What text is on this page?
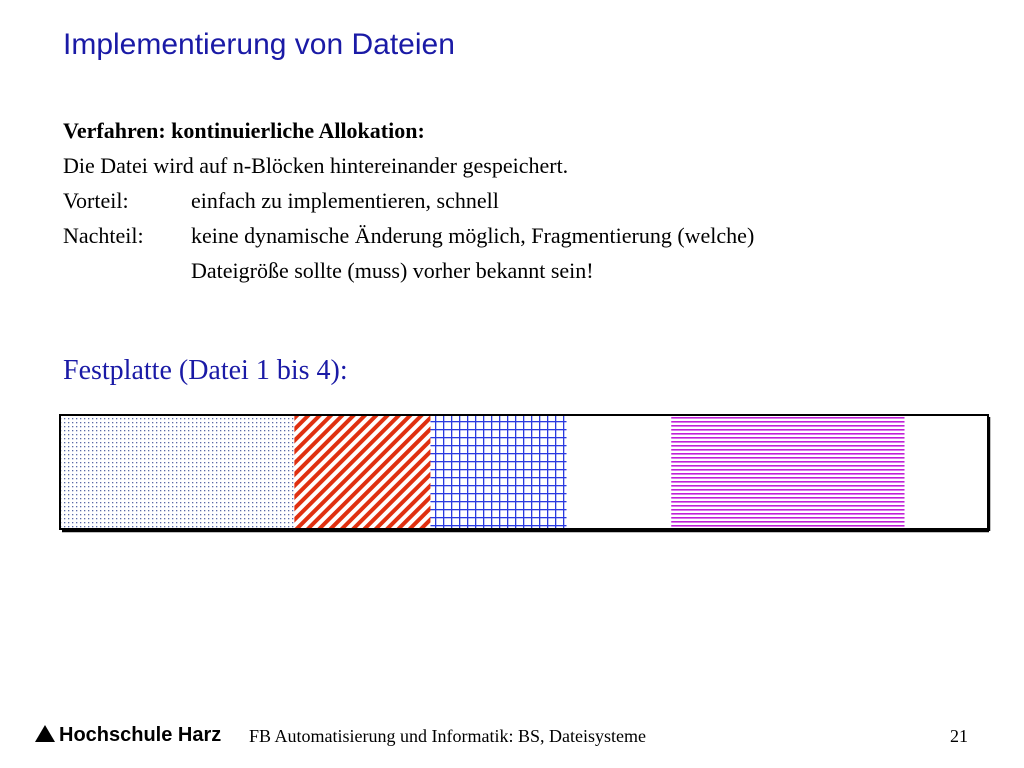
Implementierung von Dateien
Verfahren: kontinuierliche Allokation:
Die Datei wird auf n-Blöcken hintereinander gespeichert.
Vorteil:	einfach zu implementieren, schnell
Nachteil: keine dynamische Änderung möglich, Fragmentierung (welche)
Dateigröße sollte (muss) vorher bekannt sein!
Festplatte (Datei 1 bis 4):
Hochschule Harz FB Automatisierung und Informatik: BS, Dateisysteme	21
